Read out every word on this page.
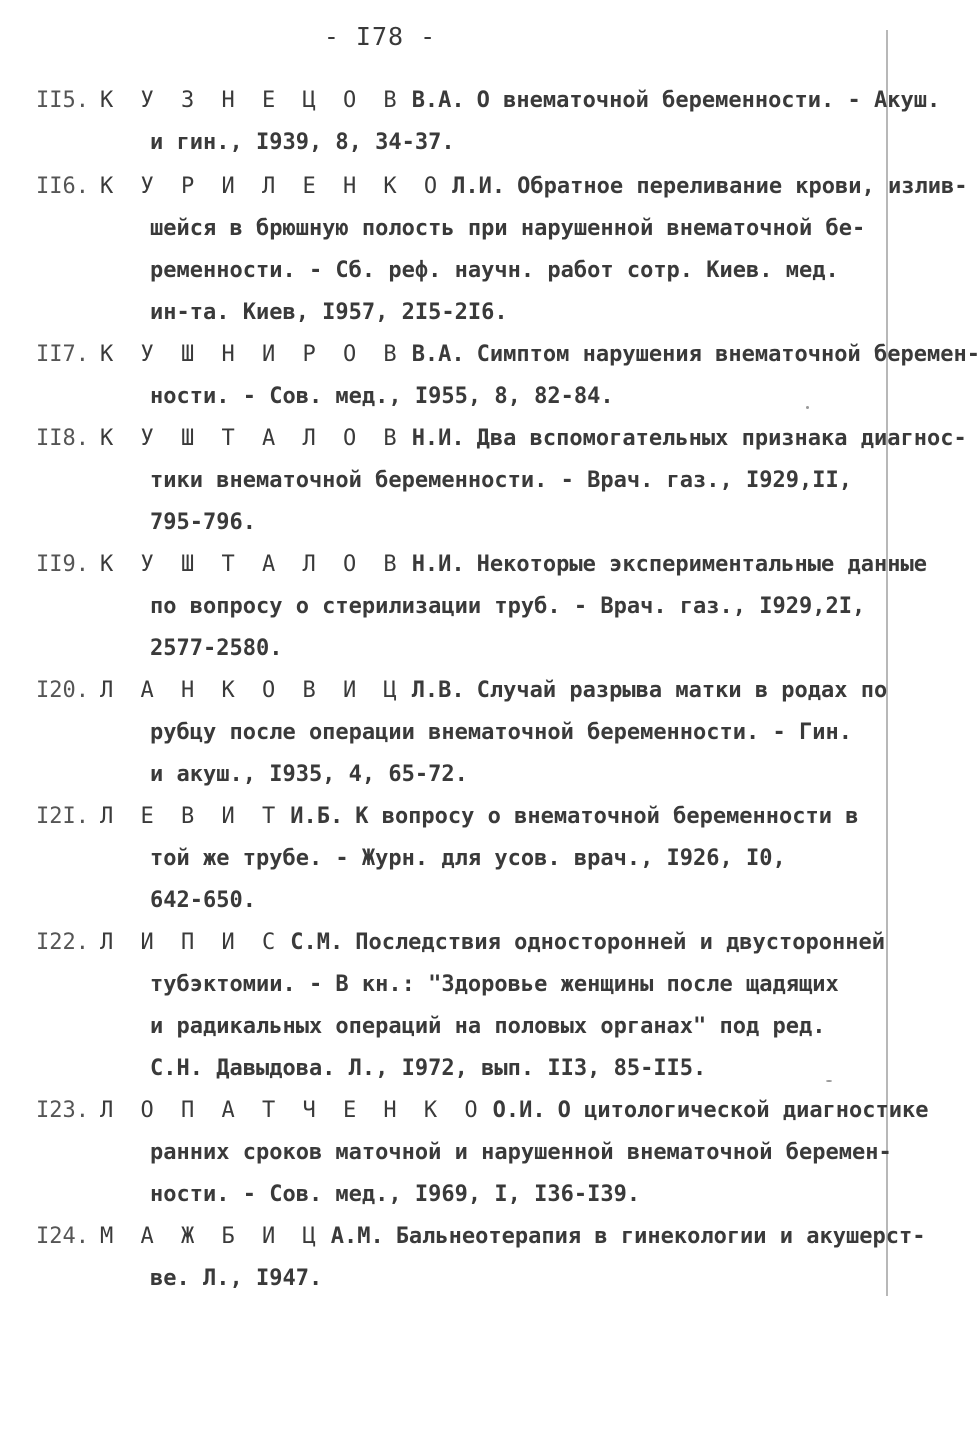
- I78 -
II5. К У З Н Е Ц О В В.А. О внематочной беременности. - Акуш.
и гин., I939, 8, 34-37.
II6. К У Р И Л Е Н К О Л.И. Обратное переливание крови, излив-
шейся в брюшную полость при нарушенной внематочной бе-
ременности. - Сб. реф. научн. работ сотр. Киев. мед.
ин-та. Киев, I957, 2I5-2I6.
II7. К У Ш Н И Р О В В.А. Симптом нарушения внематочной беремен-
ности. - Сов. мед., I955, 8, 82-84.
II8. К У Ш Т А Л О В Н.И. Два вспомогательных признака диагнос-
тики внематочной беременности. - Врач. газ., I929,II,
795-796.
II9. К У Ш Т А Л О В Н.И. Некоторые экспериментальные данные
по вопросу о стерилизации труб. - Врач. газ., I929,2I,
2577-2580.
I20. Л А Н К О В И Ц Л.В. Случай разрыва матки в родах по
рубцу после операции внематочной беременности. - Гин.
и акуш., I935, 4, 65-72.
I2I. Л Е В И Т И.Б. К вопросу о внематочной беременности в
той же трубе. - Журн. для усов. врач., I926, I0,
642-650.
I22. Л И П И С С.М. Последствия односторонней и двусторонней
тубэктомии. - В кн.: "Здоровье женщины после щадящих
и радикальных операций на половых органах" под ред.
С.Н. Давыдова. Л., I972, вып. II3, 85-II5.
I23. Л О П А Т Ч Е Н К О О.И. О цитологической диагностике
ранних сроков маточной и нарушенной внематочной беремен-
ности. - Сов. мед., I969, I, I36-I39.
I24. М А Ж Б И Ц А.М. Бальнеотерапия в гинекологии и акушерст-
ве. Л., I947.
